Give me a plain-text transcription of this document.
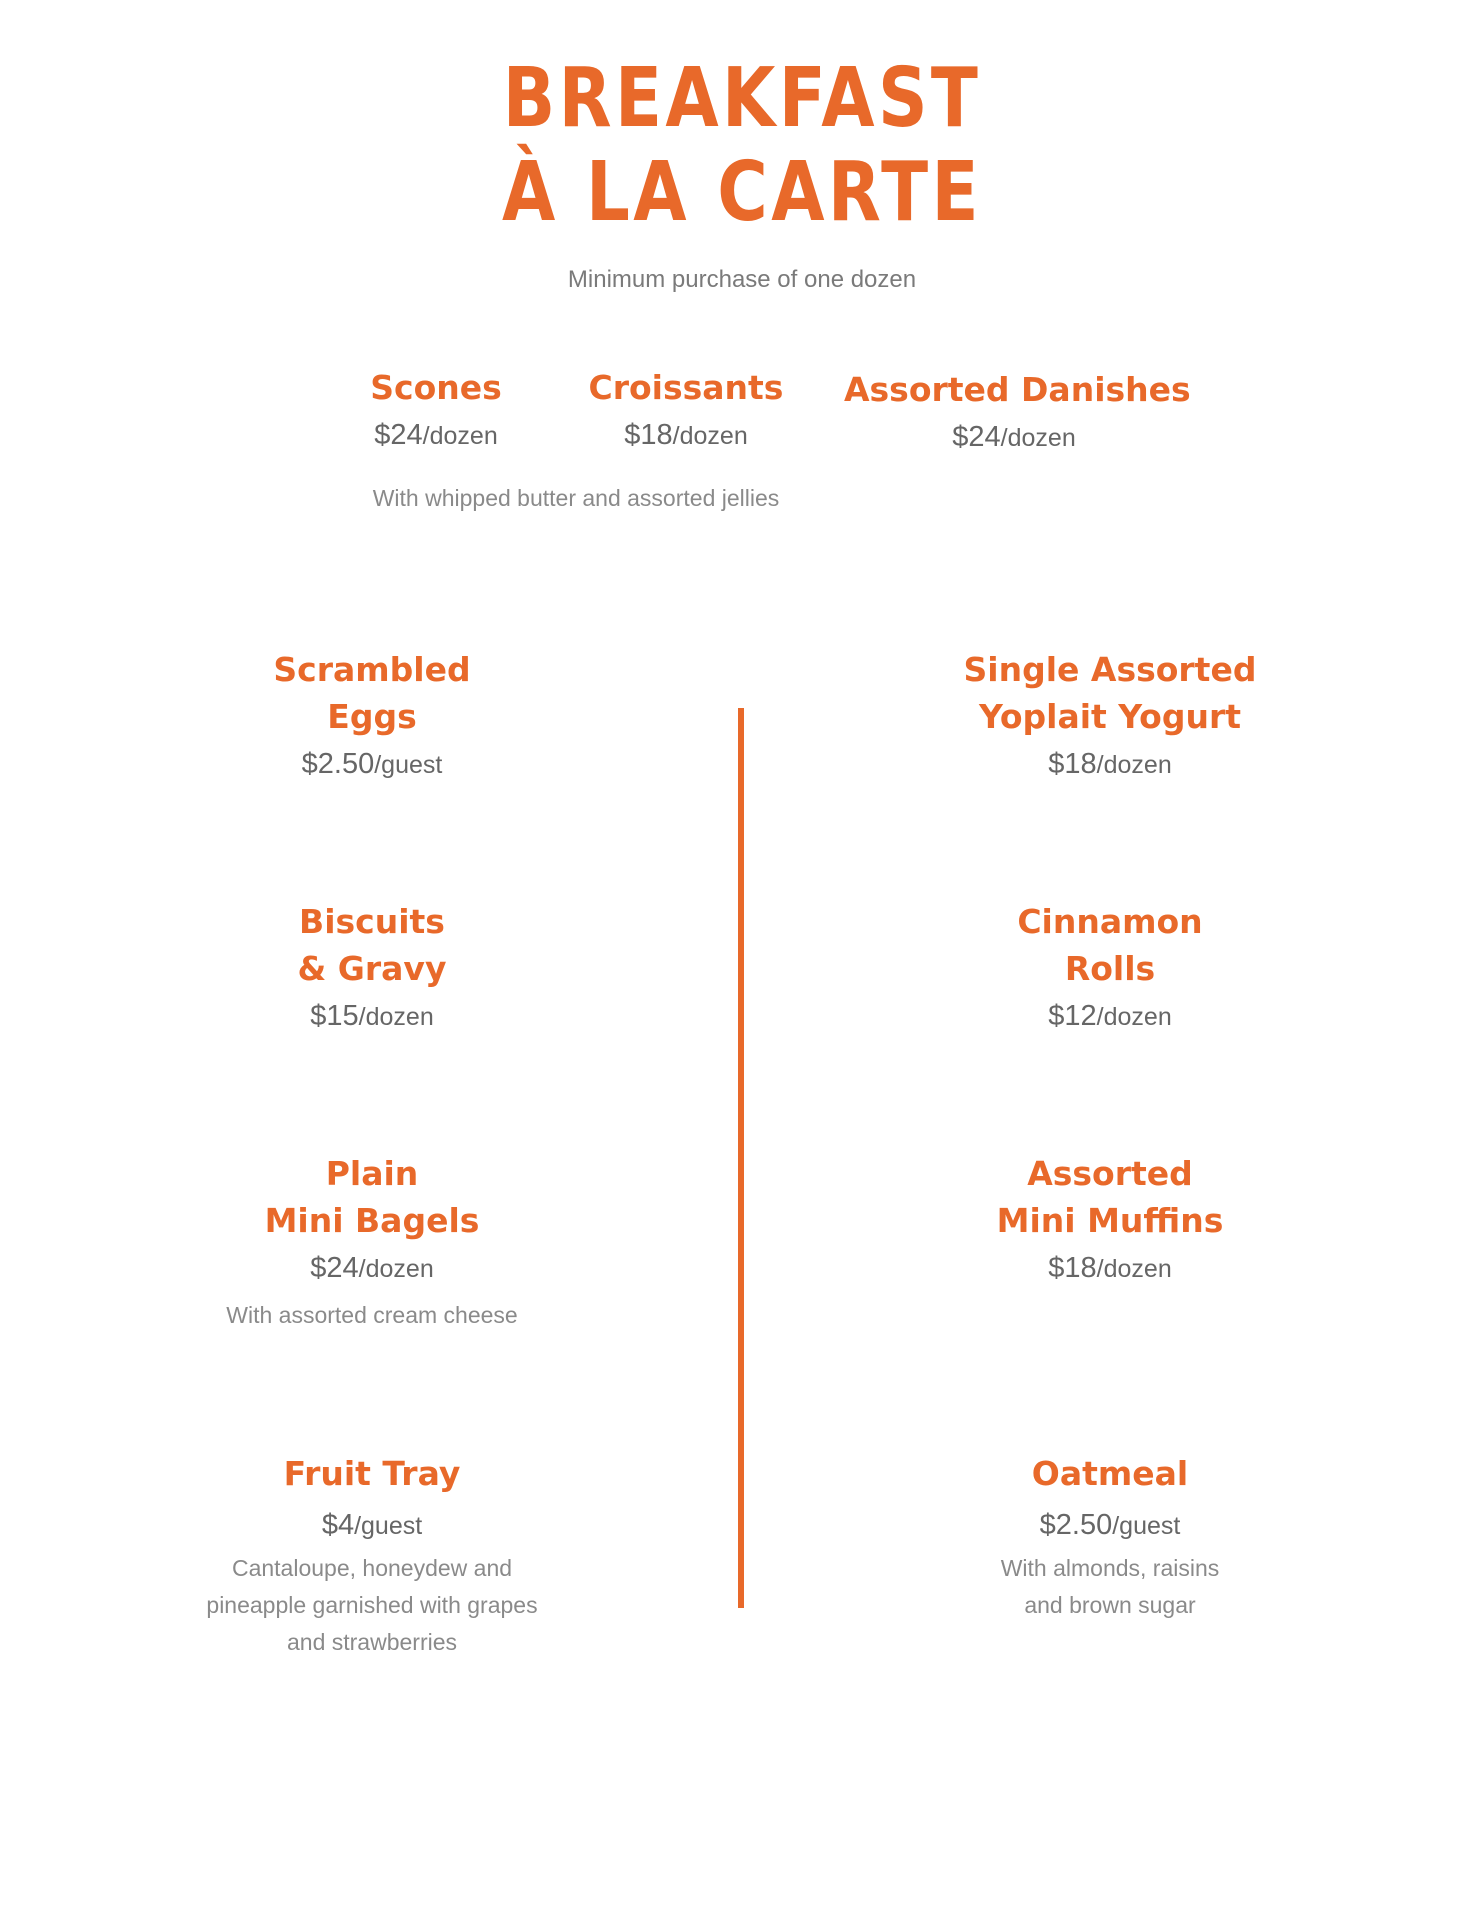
BREAKFAST
À LA CARTE
Minimum purchase of one dozen
Scones
$24/dozen
Croissants
$18/dozen
Assorted Danishes
$24/dozen
With whipped butter and assorted jellies
Scrambled
Eggs
$2.50/guest
Biscuits
& Gravy
$15/dozen
Plain
Mini Bagels
$24/dozen
With assorted cream cheese
Fruit Tray
$4/guest
Cantaloupe, honeydew and
pineapple garnished with grapes
and strawberries
Single Assorted
Yoplait Yogurt
$18/dozen
Cinnamon
Rolls
$12/dozen
Assorted
Mini Muffins
$18/dozen
Oatmeal
$2.50/guest
With almonds, raisins
and brown sugar
